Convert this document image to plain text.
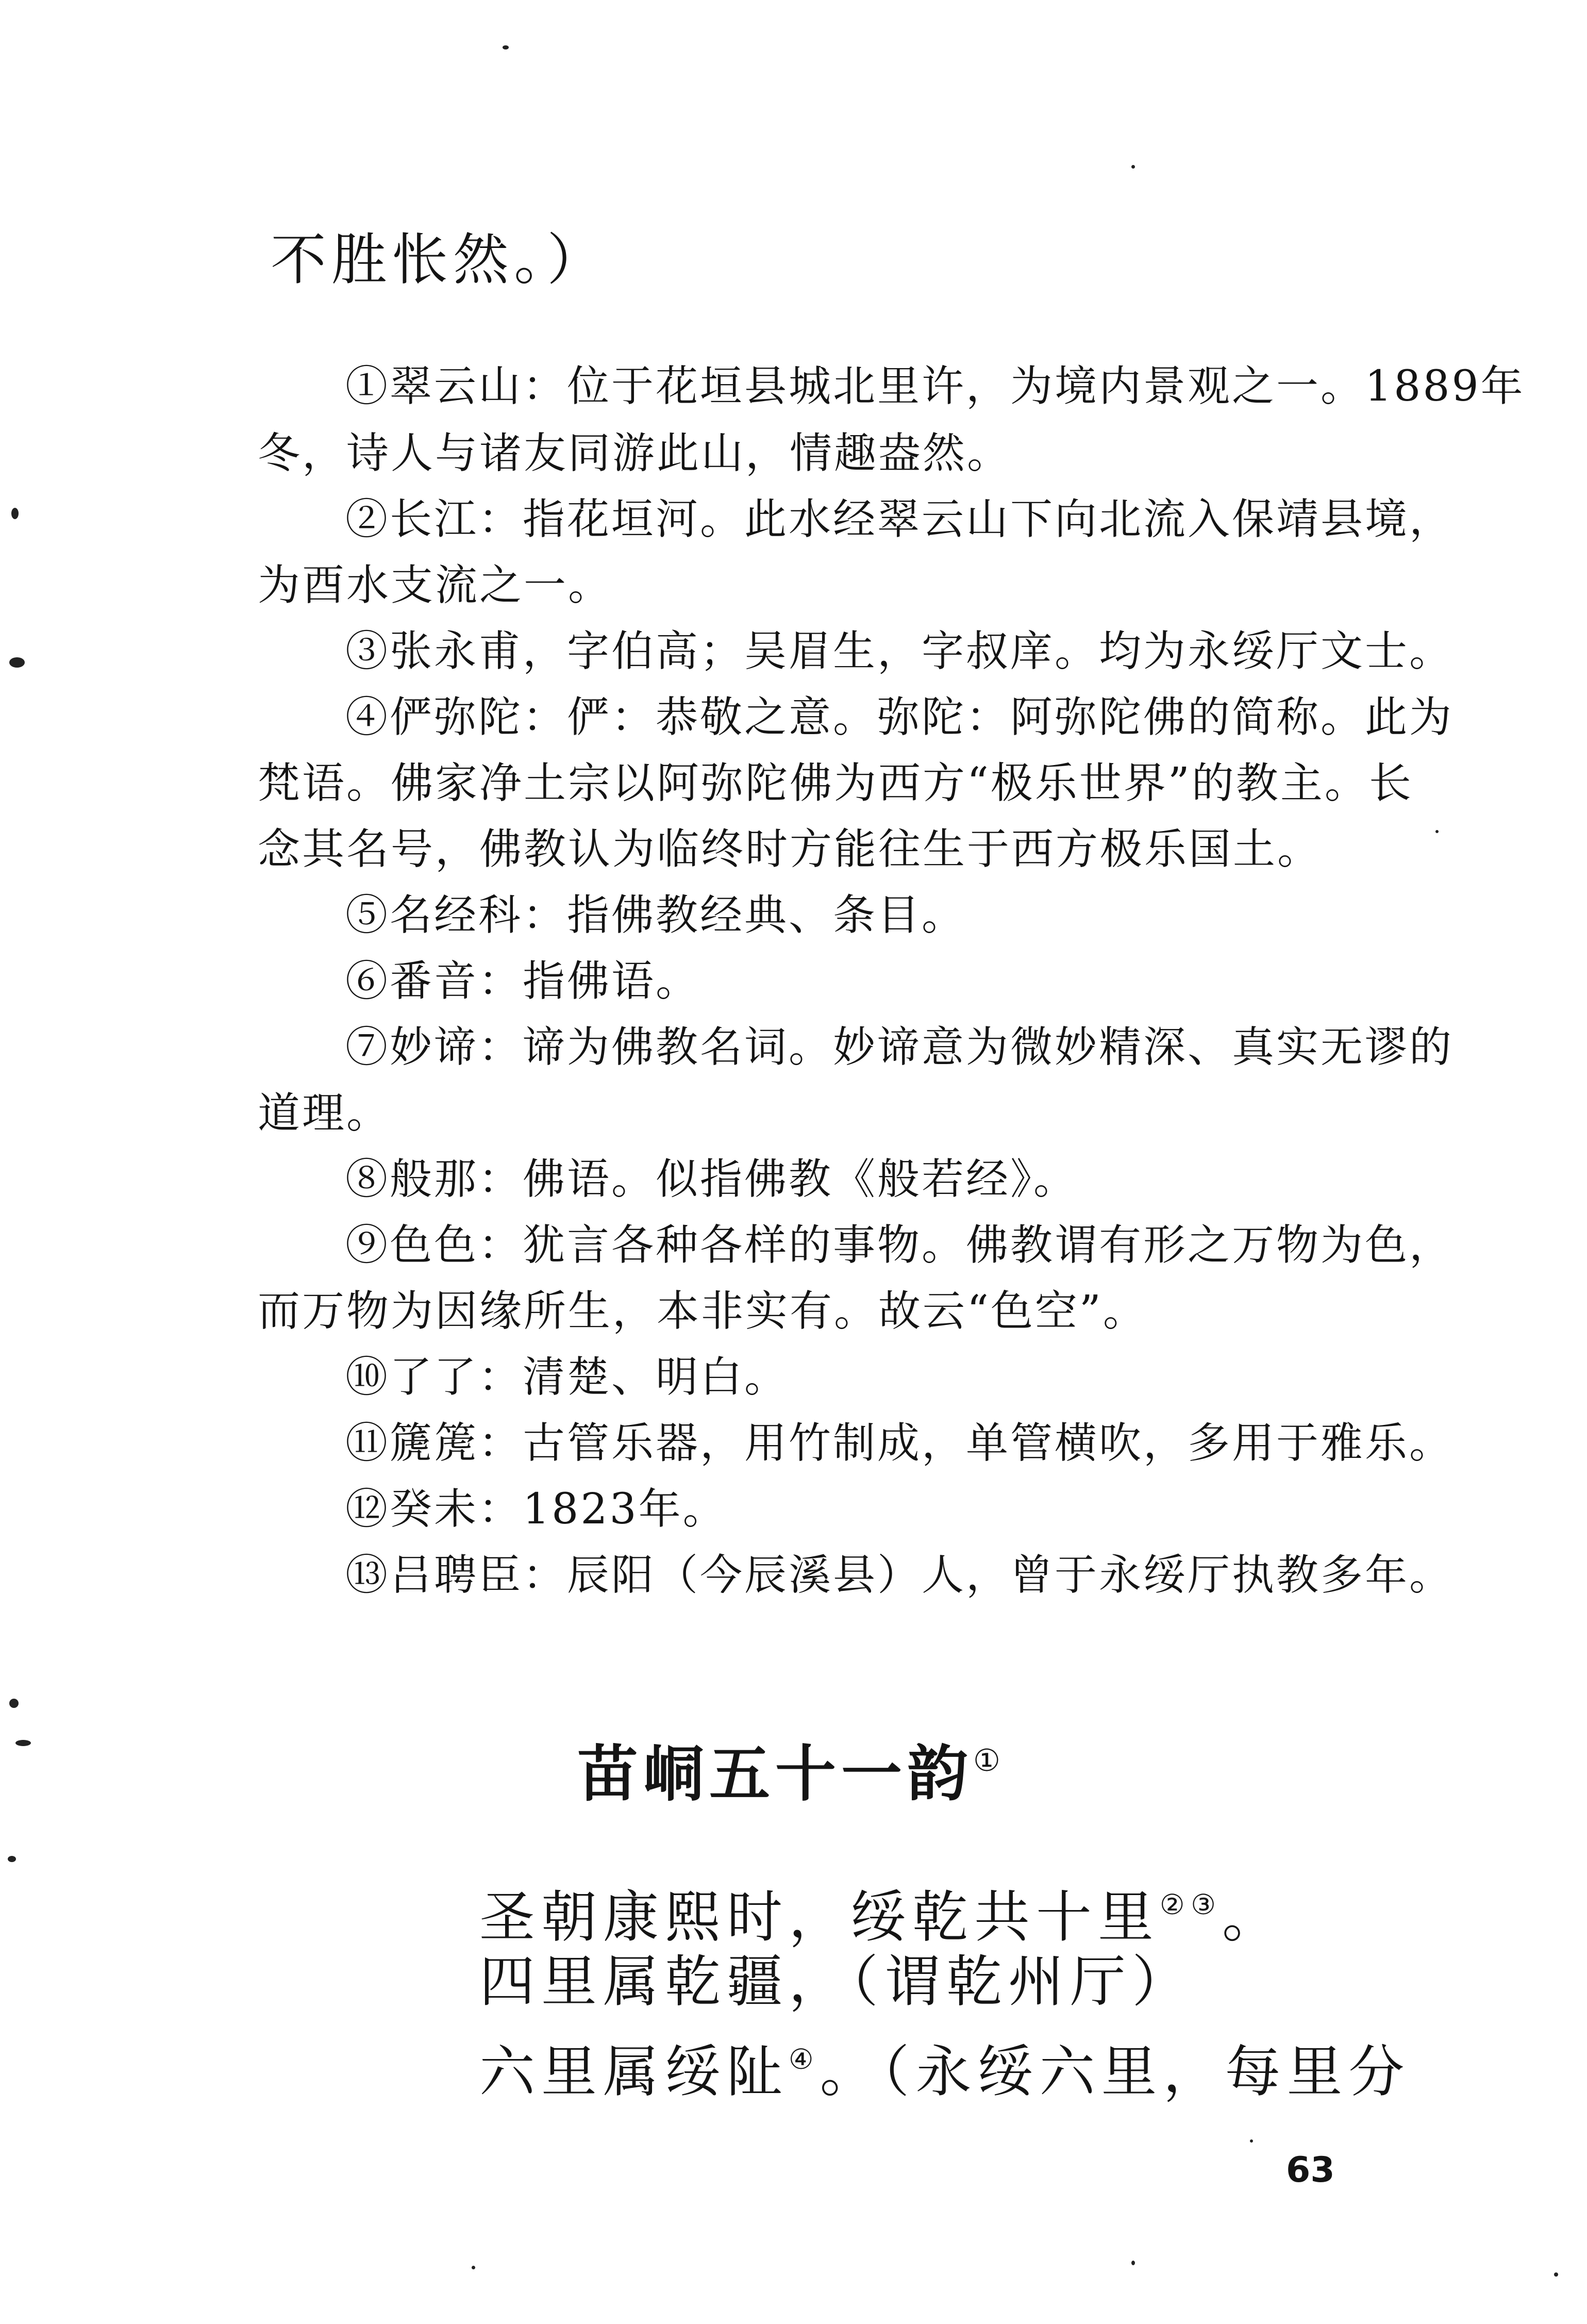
不胜怅然。）

①翠云山：位于花垣县城北里许，为境内景观之一。1889年

冬，诗人与诸友同游此山，情趣盎然。

②长江：指花垣河。此水经翠云山下向北流入保靖县境，

为酉水支流之一。

③张永甫，字伯高；吴眉生，字叔庠。均为永绥厅文士。

④俨弥陀：俨：恭敬之意。弥陀：阿弥陀佛的简称。此为

梵语。佛家净土宗以阿弥陀佛为西方“极乐世界”的教主。长

念其名号，佛教认为临终时方能往生于西方极乐国土。

⑤名经科：指佛教经典、条目。

⑥番音：指佛语。

⑦妙谛：谛为佛教名词。妙谛意为微妙精深、真实无谬的

道理。

⑧般那：佛语。似指佛教《般若经》。

⑨色色：犹言各种各样的事物。佛教谓有形之万物为色，

而万物为因缘所生，本非实有。故云“色空”。

⑩了了：清楚、明白。

⑪篪箎：古管乐器，用竹制成，单管横吹，多用于雅乐。

⑫癸未：1823年。

⑬吕聘臣：辰阳（今辰溪县）人，曾于永绥厅执教多年。

苗峒五十一韵①

圣朝康熙时，绥乾共十里②③。

四里属乾疆，（谓乾州厅）

六里属绥阯④。（永绥六里，每里分

63
